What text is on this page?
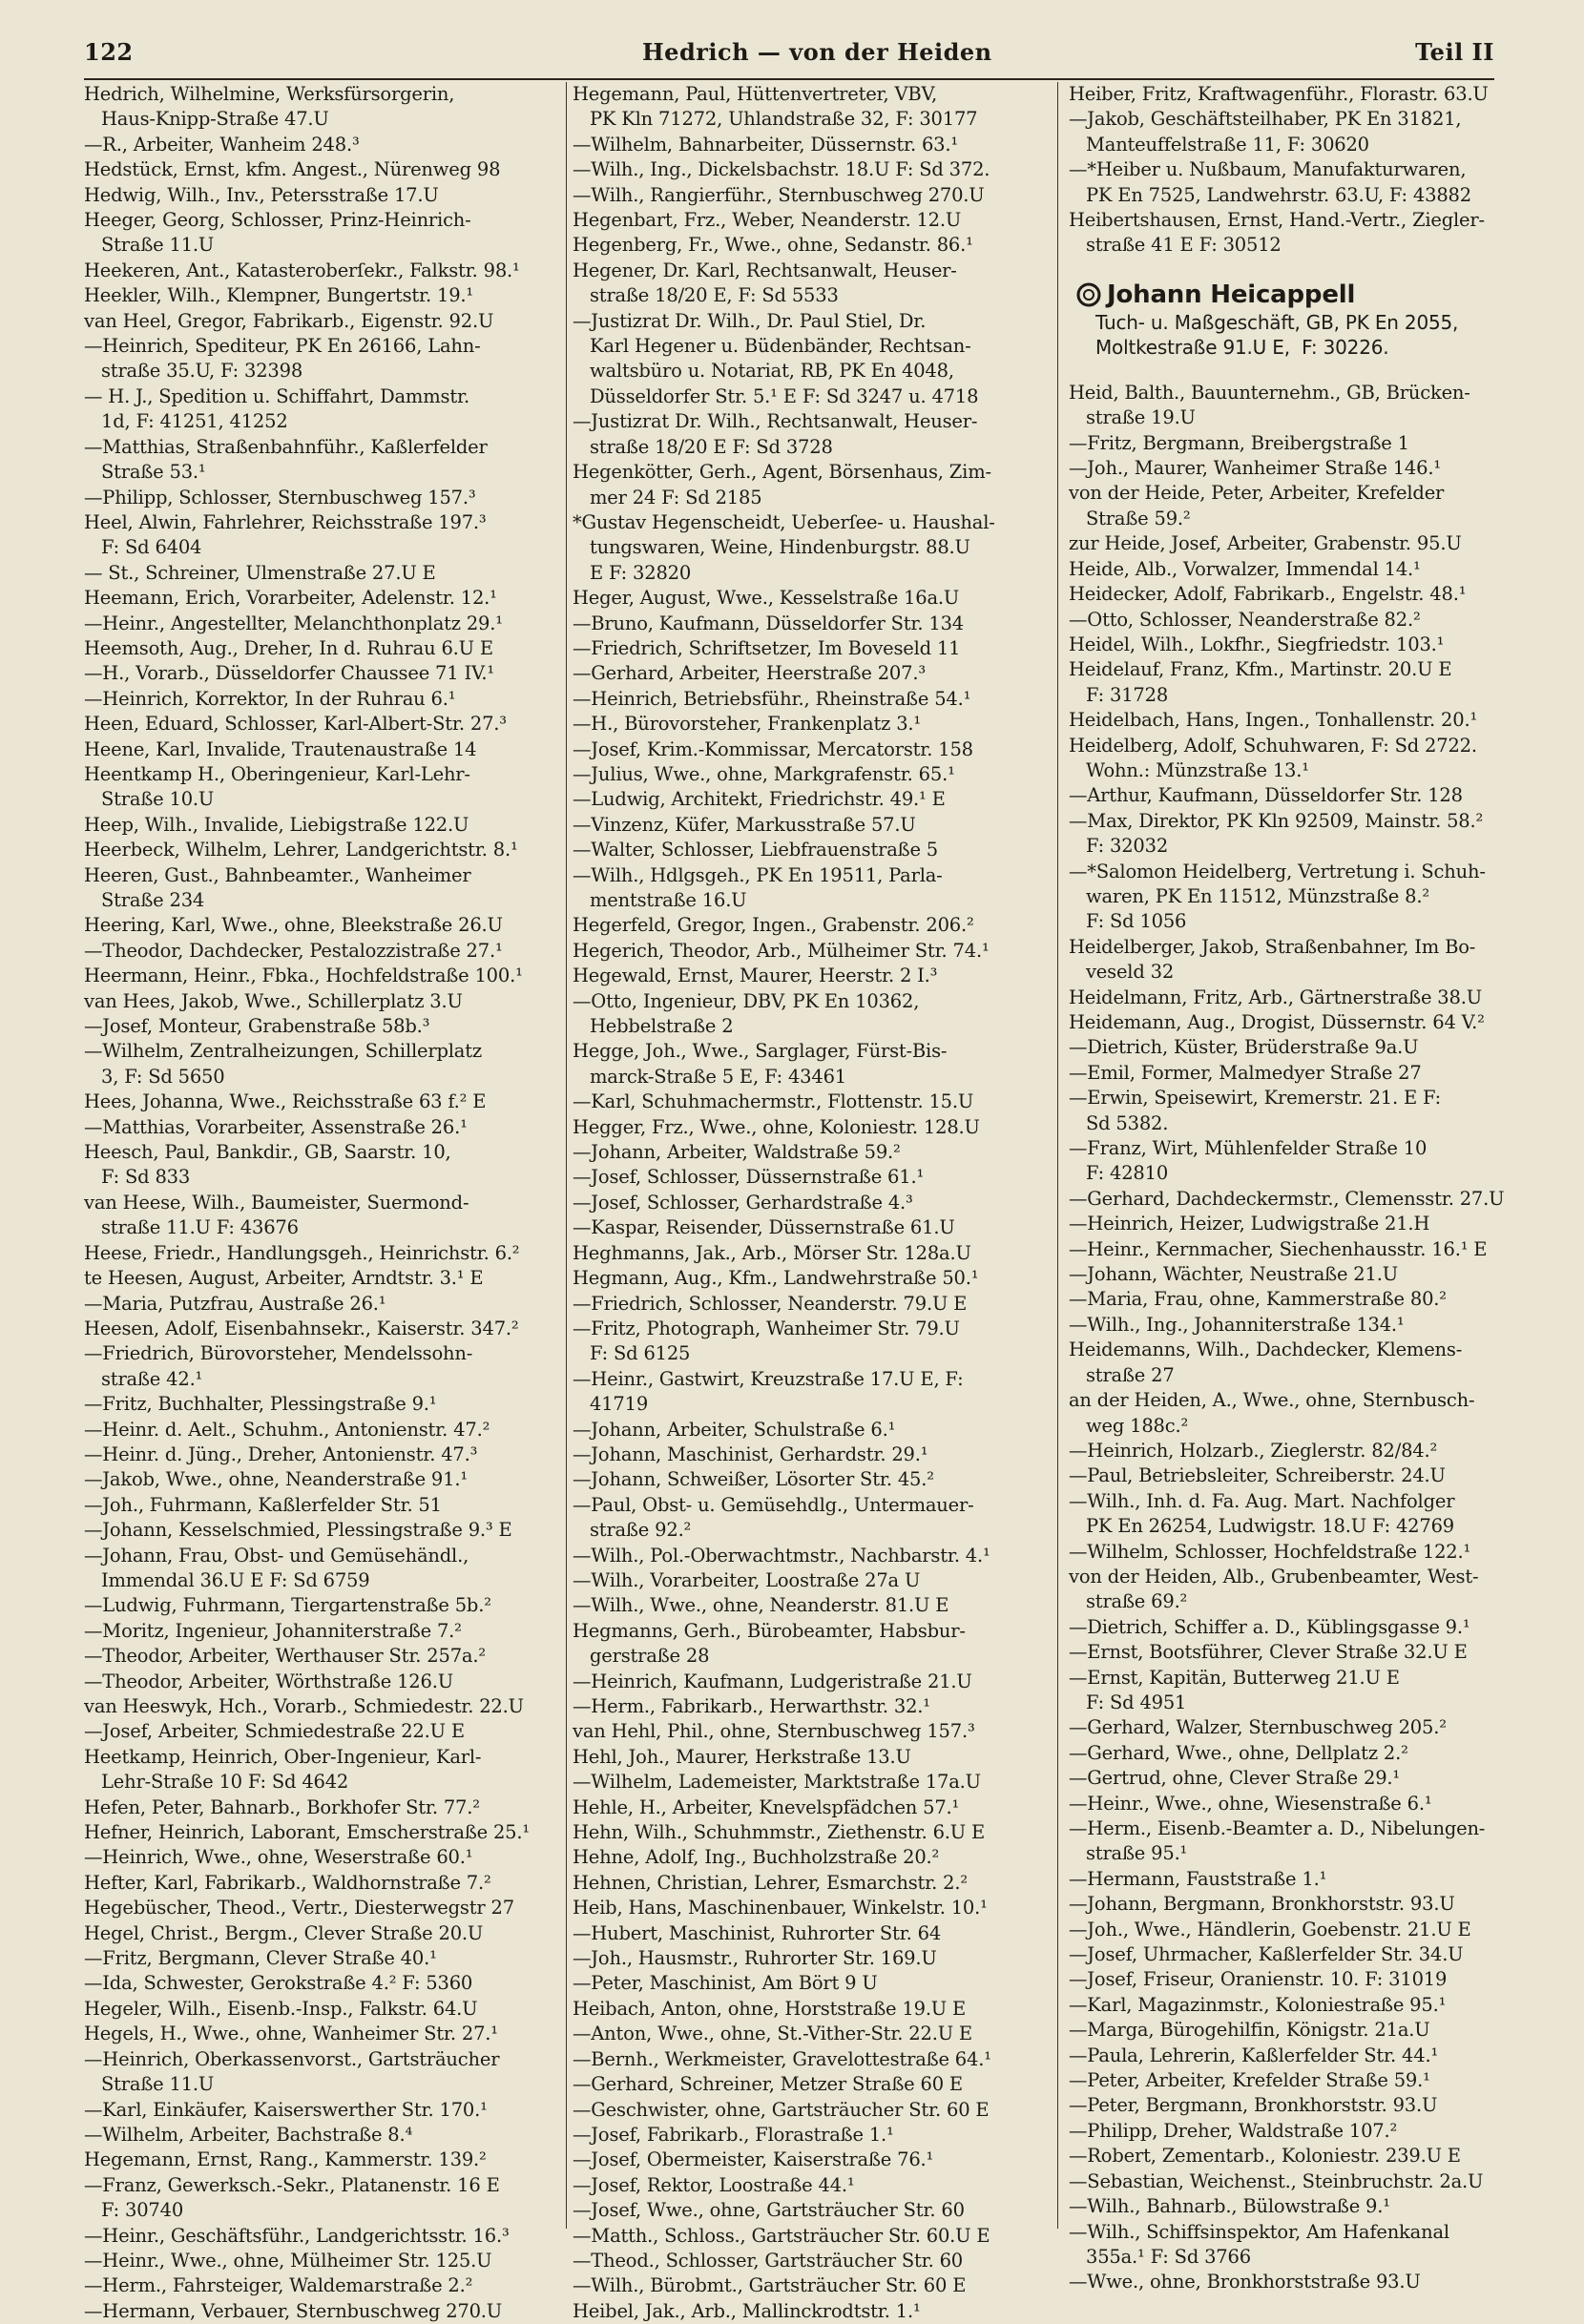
122	Hedrich — von der Heiden	Teil II
Hedrich, Wilhelmine, Werksfürsorgerin,
Haus-Knipp-Straße 47.U
—R., Arbeiter, Wanheim 248.³
Hedstück, Ernst, kfm. Angest., Nürenweg 98
Hedwig, Wilh., Inv., Petersstraße 17.U
Heeger, Georg, Schlosser, Prinz-Heinrich-
Straße 11.U
Heekeren, Ant., Katasteroberſekr., Falkstr. 98.¹
Heekler, Wilh., Klempner, Bungertstr. 19.¹
van Heel, Gregor, Fabrikarb., Eigenstr. 92.U
—Heinrich, Spediteur, PK En 26166, Lahn-
straße 35.U, F: 32398
— H. J., Spedition u. Schiffahrt, Dammstr.
1d, F: 41251, 41252
—Matthias, Straßenbahnführ., Kaßlerfelder
Straße 53.¹
—Philipp, Schlosser, Sternbuschweg 157.³
Heel, Alwin, Fahrlehrer, Reichsstraße 197.³
F: Sd 6404
— St., Schreiner, Ulmenstraße 27.U E
Heemann, Erich, Vorarbeiter, Adelenstr. 12.¹
—Heinr., Angestellter, Melanchthonplatz 29.¹
Heemsoth, Aug., Dreher, In d. Ruhrau 6.U E
—H., Vorarb., Düsseldorfer Chaussee 71 IV.¹
—Heinrich, Korrektor, In der Ruhrau 6.¹
Heen, Eduard, Schlosser, Karl-Albert-Str. 27.³
Heene, Karl, Invalide, Trautenaustraße 14
Heentkamp H., Oberingenieur, Karl-Lehr-
Straße 10.U
Heep, Wilh., Invalide, Liebigstraße 122.U
Heerbeck, Wilhelm, Lehrer, Landgerichtstr. 8.¹
Heeren, Gust., Bahnbeamter., Wanheimer
Straße 234
Heering, Karl, Wwe., ohne, Bleekstraße 26.U
—Theodor, Dachdecker, Pestalozzistraße 27.¹
Heermann, Heinr., Fbka., Hochfeldstraße 100.¹
van Hees, Jakob, Wwe., Schillerplatz 3.U
—Josef, Monteur, Grabenstraße 58b.³
—Wilhelm, Zentralheizungen, Schillerplatz
3, F: Sd 5650
Hees, Johanna, Wwe., Reichsstraße 63 f.² E
—Matthias, Vorarbeiter, Assenstraße 26.¹
Heesch, Paul, Bankdir., GB, Saarstr. 10,
F: Sd 833
van Heese, Wilh., Baumeister, Suermond-
straße 11.U F: 43676
Heese, Friedr., Handlungsgeh., Heinrichstr. 6.²
te Heesen, August, Arbeiter, Arndtstr. 3.¹ E
—Maria, Putzfrau, Austraße 26.¹
Heesen, Adolf, Eisenbahnsekr., Kaiserstr. 347.²
—Friedrich, Bürovorsteher, Mendelssohn-
straße 42.¹
—Fritz, Buchhalter, Plessingstraße 9.¹
—Heinr. d. Aelt., Schuhm., Antonienstr. 47.²
—Heinr. d. Jüng., Dreher, Antonienstr. 47.³
—Jakob, Wwe., ohne, Neanderstraße 91.¹
—Joh., Fuhrmann, Kaßlerfelder Str. 51
—Johann, Kesselschmied, Plessingstraße 9.³ E
—Johann, Frau, Obst- und Gemüsehändl.,
Immendal 36.U E F: Sd 6759
—Ludwig, Fuhrmann, Tiergartenstraße 5b.²
—Moritz, Ingenieur, Johanniterstraße 7.²
—Theodor, Arbeiter, Werthauser Str. 257a.²
—Theodor, Arbeiter, Wörthstraße 126.U
van Heeswyk, Hch., Vorarb., Schmiedestr. 22.U
—Josef, Arbeiter, Schmiedestraße 22.U E
Heetkamp, Heinrich, Ober-Ingenieur, Karl-
Lehr-Straße 10 F: Sd 4642
Hefen, Peter, Bahnarb., Borkhofer Str. 77.²
Hefner, Heinrich, Laborant, Emscherstraße 25.¹
—Heinrich, Wwe., ohne, Weserstraße 60.¹
Hefter, Karl, Fabrikarb., Waldhornstraße 7.²
Hegebüscher, Theod., Vertr., Diesterwegstr 27
Hegel, Christ., Bergm., Clever Straße 20.U
—Fritz, Bergmann, Clever Straße 40.¹
—Ida, Schwester, Gerokstraße 4.² F: 5360
Hegeler, Wilh., Eisenb.-Insp., Falkstr. 64.U
Hegels, H., Wwe., ohne, Wanheimer Str. 27.¹
—Heinrich, Oberkassenvorst., Gartsträucher
Straße 11.U
—Karl, Einkäufer, Kaiserswerther Str. 170.¹
—Wilhelm, Arbeiter, Bachstraße 8.⁴
Hegemann, Ernst, Rang., Kammerstr. 139.²
—Franz, Gewerksch.-Sekr., Platanenstr. 16 E
F: 30740
—Heinr., Geschäftsführ., Landgerichtsstr. 16.³
—Heinr., Wwe., ohne, Mülheimer Str. 125.U
—Herm., Fahrsteiger, Waldemarstraße 2.²
—Hermann, Verbauer, Sternbuschweg 270.U
Hegemann, Paul, Hüttenvertreter, VBV,
PK Kln 71272, Uhlandstraße 32, F: 30177
—Wilhelm, Bahnarbeiter, Düssernstr. 63.¹
—Wilh., Ing., Dickelsbachstr. 18.U F: Sd 372.
—Wilh., Rangierführ., Sternbuschweg 270.U
Hegenbart, Frz., Weber, Neanderstr. 12.U
Hegenberg, Fr., Wwe., ohne, Sedanstr. 86.¹
Hegener, Dr. Karl, Rechtsanwalt, Heuser-
straße 18/20 E, F: Sd 5533
—Justizrat Dr. Wilh., Dr. Paul Stiel, Dr.
Karl Hegener u. Büdenbänder, Rechtsan-
waltsbüro u. Notariat, RB, PK En 4048,
Düsseldorfer Str. 5.¹ E F: Sd 3247 u. 4718
—Justizrat Dr. Wilh., Rechtsanwalt, Heuser-
straße 18/20 E F: Sd 3728
Hegenkötter, Gerh., Agent, Börsenhaus, Zim-
mer 24 F: Sd 2185
*Gustav Hegenscheidt, Ueberſee- u. Haushal-
tungswaren, Weine, Hindenburgstr. 88.U
E F: 32820
Heger, August, Wwe., Kesselstraße 16a.U
—Bruno, Kaufmann, Düsseldorfer Str. 134
—Friedrich, Schriftsetzer, Im Boveseld 11
—Gerhard, Arbeiter, Heerstraße 207.³
—Heinrich, Betriebsführ., Rheinstraße 54.¹
—H., Bürovorsteher, Frankenplatz 3.¹
—Josef, Krim.-Kommissar, Mercatorstr. 158
—Julius, Wwe., ohne, Markgrafenstr. 65.¹
—Ludwig, Architekt, Friedrichstr. 49.¹ E
—Vinzenz, Küfer, Markusstraße 57.U
—Walter, Schlosser, Liebfrauenstraße 5
—Wilh., Hdlgsgeh., PK En 19511, Parla-
mentstraße 16.U
Hegerfeld, Gregor, Ingen., Grabenstr. 206.²
Hegerich, Theodor, Arb., Mülheimer Str. 74.¹
Hegewald, Ernst, Maurer, Heerstr. 2 I.³
—Otto, Ingenieur, DBV, PK En 10362,
Hebbelstraße 2
Hegge, Joh., Wwe., Sarglager, Fürst-Bis-
marck-Straße 5 E, F: 43461
—Karl, Schuhmachermstr., Flottenstr. 15.U
Hegger, Frz., Wwe., ohne, Koloniestr. 128.U
—Johann, Arbeiter, Waldstraße 59.²
—Josef, Schlosser, Düssernstraße 61.¹
—Josef, Schlosser, Gerhardstraße 4.³
—Kaspar, Reisender, Düssernstraße 61.U
Heghmanns, Jak., Arb., Mörser Str. 128a.U
Hegmann, Aug., Kfm., Landwehrstraße 50.¹
—Friedrich, Schlosser, Neanderstr. 79.U E
—Fritz, Photograph, Wanheimer Str. 79.U
F: Sd 6125
—Heinr., Gastwirt, Kreuzstraße 17.U E, F:
41719
—Johann, Arbeiter, Schulstraße 6.¹
—Johann, Maschinist, Gerhardstr. 29.¹
—Johann, Schweißer, Lösorter Str. 45.²
—Paul, Obst- u. Gemüsehdlg., Untermauer-
straße 92.²
—Wilh., Pol.-Oberwachtmstr., Nachbarstr. 4.¹
—Wilh., Vorarbeiter, Loostraße 27a U
—Wilh., Wwe., ohne, Neanderstr. 81.U E
Hegmanns, Gerh., Bürobeamter, Habsbur-
gerstraße 28
—Heinrich, Kaufmann, Ludgeristraße 21.U
—Herm., Fabrikarb., Herwarthstr. 32.¹
van Hehl, Phil., ohne, Sternbuschweg 157.³
Hehl, Joh., Maurer, Herkstraße 13.U
—Wilhelm, Lademeister, Marktstraße 17a.U
Hehle, H., Arbeiter, Knevelspfädchen 57.¹
Hehn, Wilh., Schuhmmstr., Ziethenstr. 6.U E
Hehne, Adolf, Ing., Buchholzstraße 20.²
Hehnen, Christian, Lehrer, Esmarchstr. 2.²
Heib, Hans, Maschinenbauer, Winkelstr. 10.¹
—Hubert, Maschinist, Ruhrorter Str. 64
—Joh., Hausmstr., Ruhrorter Str. 169.U
—Peter, Maschinist, Am Bört 9 U
Heibach, Anton, ohne, Horststraße 19.U E
—Anton, Wwe., ohne, St.-Vither-Str. 22.U E
—Bernh., Werkmeister, Gravelottestraße 64.¹
—Gerhard, Schreiner, Metzer Straße 60 E
—Geschwister, ohne, Gartsträucher Str. 60 E
—Josef, Fabrikarb., Florastraße 1.¹
—Josef, Obermeister, Kaiserstraße 76.¹
—Josef, Rektor, Loostraße 44.¹
—Josef, Wwe., ohne, Gartsträucher Str. 60
—Matth., Schloss., Gartsträucher Str. 60.U E
—Theod., Schlosser, Gartsträucher Str. 60
—Wilh., Bürobmt., Gartsträucher Str. 60 E
Heibel, Jak., Arb., Mallinckrodtstr. 1.¹
Heiber, Fritz, Kraftwagenführ., Florastr. 63.U
—Jakob, Geschäftsteilhaber, PK En 31821,
Manteuffelstraße 11, F: 30620
—*Heiber u. Nußbaum, Manufakturwaren,
PK En 7525, Landwehrstr. 63.U, F: 43882
Heibertshausen, Ernst, Hand.-Vertr., Ziegler-
straße 41 E F: 30512
Johann Heicappell
Tuch- u. Maßgeschäft, GB, PK En 2055,
Moltkestraße 91.U E,  F: 30226.
Heid, Balth., Bauunternehm., GB, Brücken-
straße 19.U
—Fritz, Bergmann, Breibergstraße 1
—Joh., Maurer, Wanheimer Straße 146.¹
von der Heide, Peter, Arbeiter, Krefelder
Straße 59.²
zur Heide, Josef, Arbeiter, Grabenstr. 95.U
Heide, Alb., Vorwalzer, Immendal 14.¹
Heidecker, Adolf, Fabrikarb., Engelstr. 48.¹
—Otto, Schlosser, Neanderstraße 82.²
Heidel, Wilh., Lokfhr., Siegfriedstr. 103.¹
Heidelauf, Franz, Kfm., Martinstr. 20.U E
F: 31728
Heidelbach, Hans, Ingen., Tonhallenstr. 20.¹
Heidelberg, Adolf, Schuhwaren, F: Sd 2722.
Wohn.: Münzstraße 13.¹
—Arthur, Kaufmann, Düsseldorfer Str. 128
—Max, Direktor, PK Kln 92509, Mainstr. 58.²
F: 32032
—*Salomon Heidelberg, Vertretung i. Schuh-
waren, PK En 11512, Münzstraße 8.²
F: Sd 1056
Heidelberger, Jakob, Straßenbahner, Im Bo-
veseld 32
Heidelmann, Fritz, Arb., Gärtnerstraße 38.U
Heidemann, Aug., Drogist, Düssernstr. 64 V.²
—Dietrich, Küster, Brüderstraße 9a.U
—Emil, Former, Malmedyer Straße 27
—Erwin, Speisewirt, Kremerstr. 21. E F:
Sd 5382.
—Franz, Wirt, Mühlenfelder Straße 10
F: 42810
—Gerhard, Dachdeckermstr., Clemensstr. 27.U
—Heinrich, Heizer, Ludwigstraße 21.H
—Heinr., Kernmacher, Siechenhausstr. 16.¹ E
—Johann, Wächter, Neustraße 21.U
—Maria, Frau, ohne, Kammerstraße 80.²
—Wilh., Ing., Johanniterstraße 134.¹
Heidemanns, Wilh., Dachdecker, Klemens-
straße 27
an der Heiden, A., Wwe., ohne, Sternbusch-
weg 188c.²
—Heinrich, Holzarb., Zieglerstr. 82/84.²
—Paul, Betriebsleiter, Schreiberstr. 24.U
—Wilh., Inh. d. Fa. Aug. Mart. Nachfolger
PK En 26254, Ludwigstr. 18.U F: 42769
—Wilhelm, Schlosser, Hochfeldstraße 122.¹
von der Heiden, Alb., Grubenbeamter, West-
straße 69.²
—Dietrich, Schiffer a. D., Küblingsgasse 9.¹
—Ernst, Bootsführer, Clever Straße 32.U E
—Ernst, Kapitän, Butterweg 21.U E
F: Sd 4951
—Gerhard, Walzer, Sternbuschweg 205.²
—Gerhard, Wwe., ohne, Dellplatz 2.²
—Gertrud, ohne, Clever Straße 29.¹
—Heinr., Wwe., ohne, Wiesenstraße 6.¹
—Herm., Eisenb.-Beamter a. D., Nibelungen-
straße 95.¹
—Hermann, Fauststraße 1.¹
—Johann, Bergmann, Bronkhorststr. 93.U
—Joh., Wwe., Händlerin, Goebenstr. 21.U E
—Josef, Uhrmacher, Kaßlerfelder Str. 34.U
—Josef, Friseur, Oranienstr. 10. F: 31019
—Karl, Magazinmstr., Koloniestraße 95.¹
—Marga, Bürogehilfin, Königstr. 21a.U
—Paula, Lehrerin, Kaßlerfelder Str. 44.¹
—Peter, Arbeiter, Krefelder Straße 59.¹
—Peter, Bergmann, Bronkhorststr. 93.U
—Philipp, Dreher, Waldstraße 107.²
—Robert, Zementarb., Koloniestr. 239.U E
—Sebastian, Weichenst., Steinbruchstr. 2a.U
—Wilh., Bahnarb., Bülowstraße 9.¹
—Wilh., Schiffsinspektor, Am Hafenkanal
355a.¹ F: Sd 3766
—Wwe., ohne, Bronkhorststraße 93.U
